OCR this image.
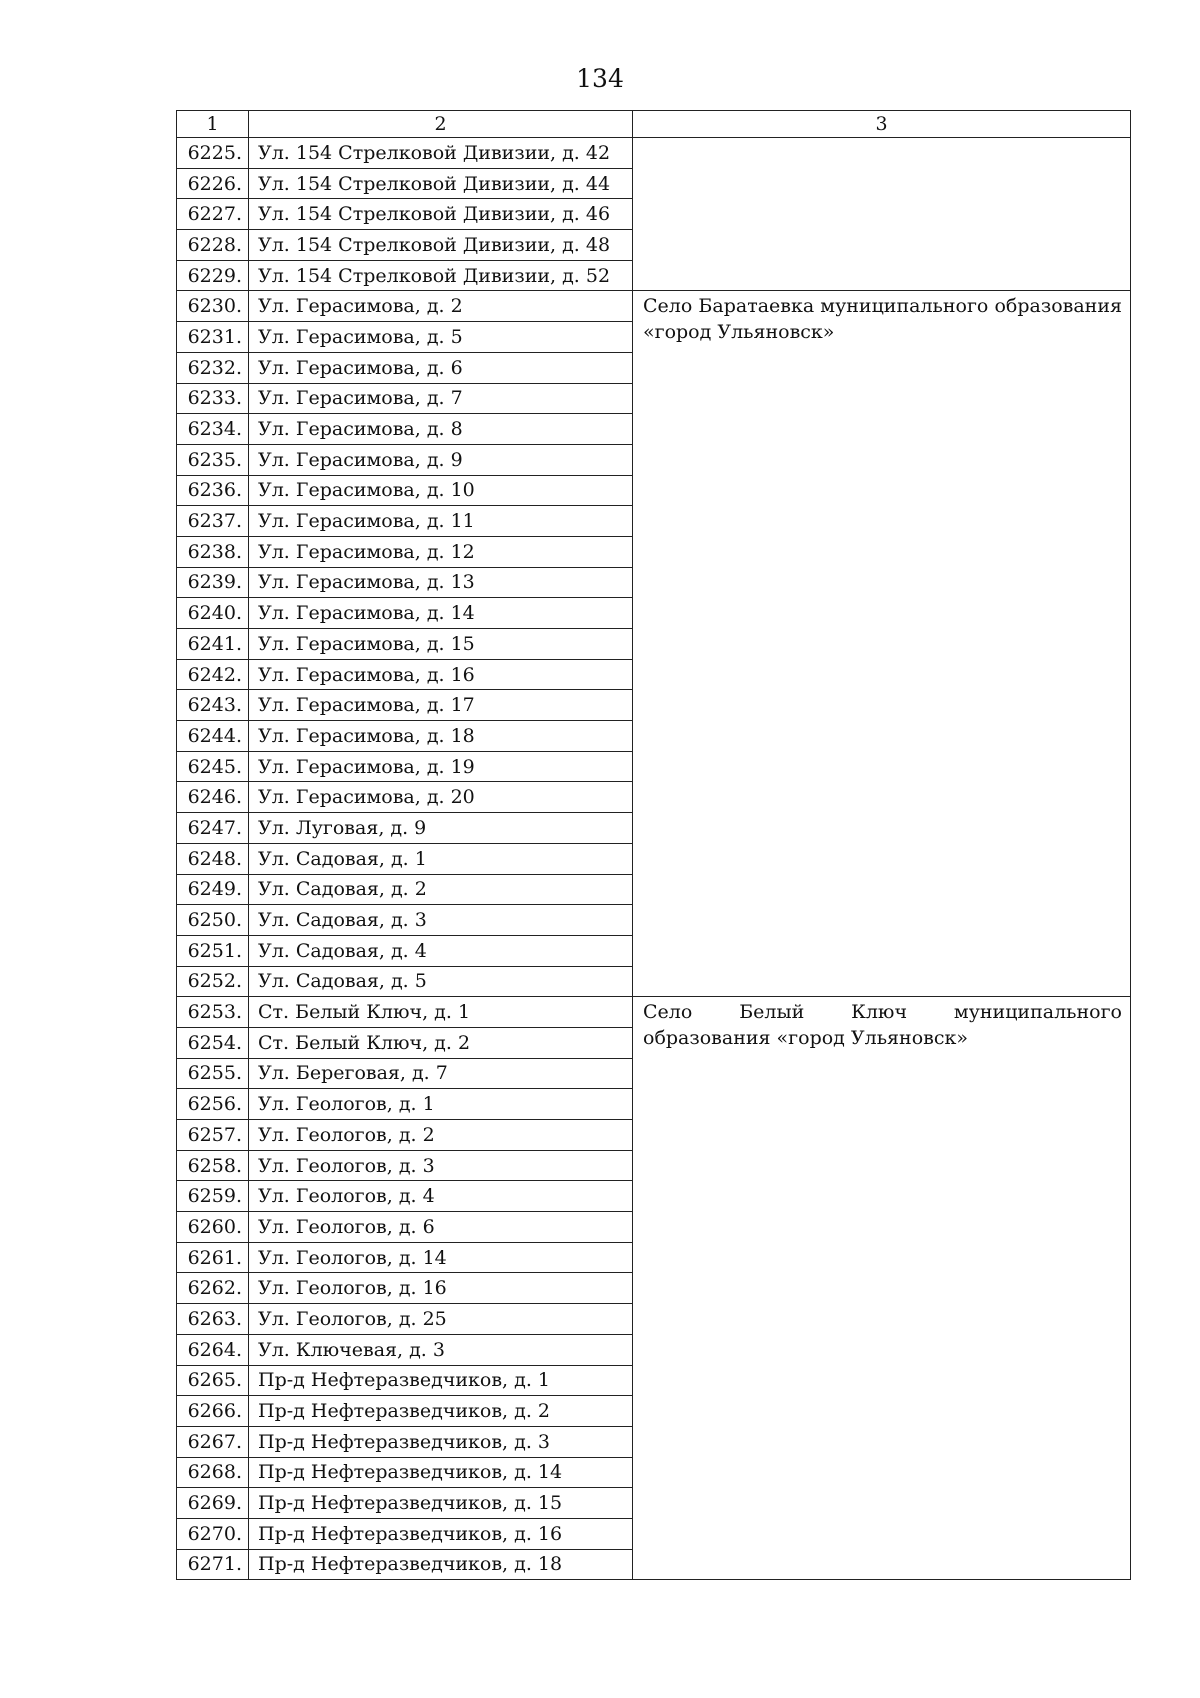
134
1	2	3
6225.	Ул. 154 Стрелковой Дивизии, д. 42	
6226.	Ул. 154 Стрелковой Дивизии, д. 44	
6227.	Ул. 154 Стрелковой Дивизии, д. 46	
6228.	Ул. 154 Стрелковой Дивизии, д. 48	
6229.	Ул. 154 Стрелковой Дивизии, д. 52	
6230.	Ул. Герасимова, д. 2	Село Баратаевка муниципального образования «город Ульяновск»
6231.	Ул. Герасимова, д. 5	
6232.	Ул. Герасимова, д. 6	
6233.	Ул. Герасимова, д. 7	
6234.	Ул. Герасимова, д. 8	
6235.	Ул. Герасимова, д. 9	
6236.	Ул. Герасимова, д. 10	
6237.	Ул. Герасимова, д. 11	
6238.	Ул. Герасимова, д. 12	
6239.	Ул. Герасимова, д. 13	
6240.	Ул. Герасимова, д. 14	
6241.	Ул. Герасимова, д. 15	
6242.	Ул. Герасимова, д. 16	
6243.	Ул. Герасимова, д. 17	
6244.	Ул. Герасимова, д. 18	
6245.	Ул. Герасимова, д. 19	
6246.	Ул. Герасимова, д. 20	
6247.	Ул. Луговая, д. 9	
6248.	Ул. Садовая, д. 1	
6249.	Ул. Садовая, д. 2	
6250.	Ул. Садовая, д. 3	
6251.	Ул. Садовая, д. 4	
6252.	Ул. Садовая, д. 5	
6253.	Ст. Белый Ключ, д. 1	Село Белый Ключ муниципального образования «город Ульяновск»
6254.	Ст. Белый Ключ, д. 2	
6255.	Ул. Береговая, д. 7	
6256.	Ул. Геологов, д. 1	
6257.	Ул. Геологов, д. 2	
6258.	Ул. Геологов, д. 3	
6259.	Ул. Геологов, д. 4	
6260.	Ул. Геологов, д. 6	
6261.	Ул. Геологов, д. 14	
6262.	Ул. Геологов, д. 16	
6263.	Ул. Геологов, д. 25	
6264.	Ул. Ключевая, д. 3	
6265.	Пр-д Нефтеразведчиков, д. 1	
6266.	Пр-д Нефтеразведчиков, д. 2	
6267.	Пр-д Нефтеразведчиков, д. 3	
6268.	Пр-д Нефтеразведчиков, д. 14	
6269.	Пр-д Нефтеразведчиков, д. 15	
6270.	Пр-д Нефтеразведчиков, д. 16	
6271.	Пр-д Нефтеразведчиков, д. 18	
